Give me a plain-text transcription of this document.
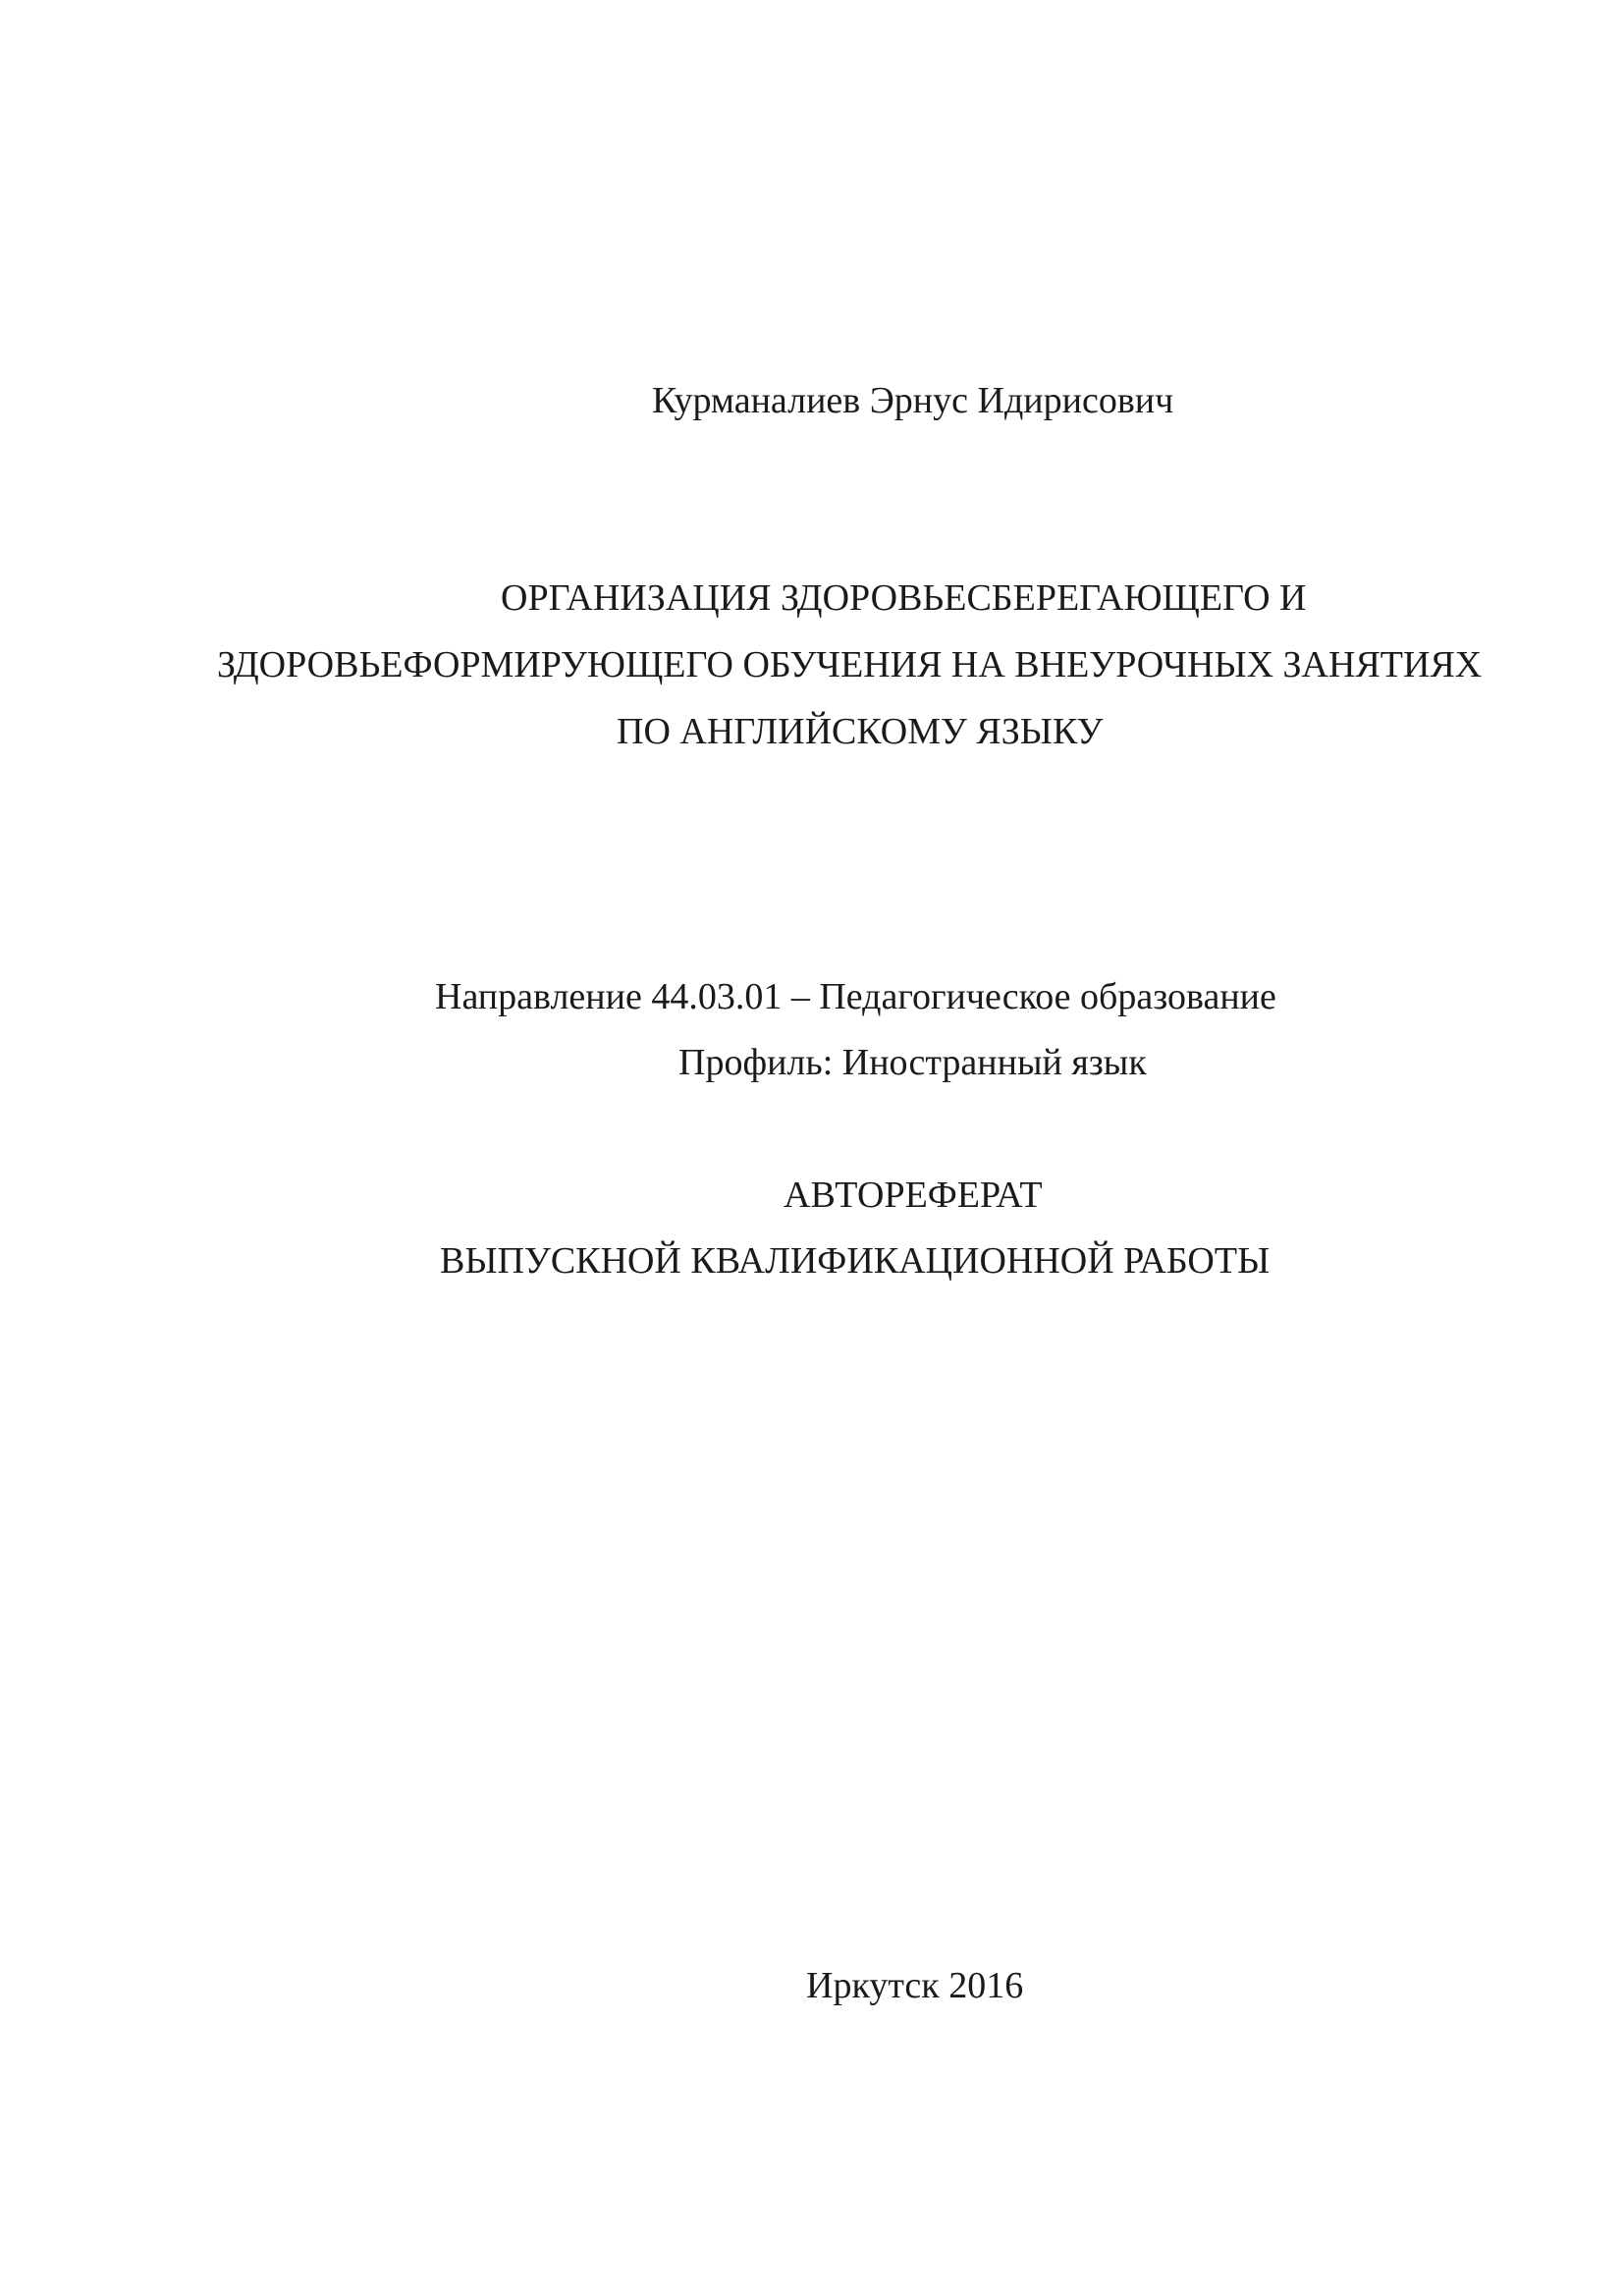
Курманалиев Эрнус Идирисович
ОРГАНИЗАЦИЯ ЗДОРОВЬЕСБЕРЕГАЮЩЕГО И
ЗДОРОВЬЕФОРМИРУЮЩЕГО ОБУЧЕНИЯ НА ВНЕУРОЧНЫХ ЗАНЯТИЯХ
ПО АНГЛИЙСКОМУ ЯЗЫКУ
Направление 44.03.01 – Педагогическое образование
Профиль: Иностранный язык
АВТОРЕФЕРАТ
ВЫПУСКНОЙ КВАЛИФИКАЦИОННОЙ РАБОТЫ
Иркутск 2016
